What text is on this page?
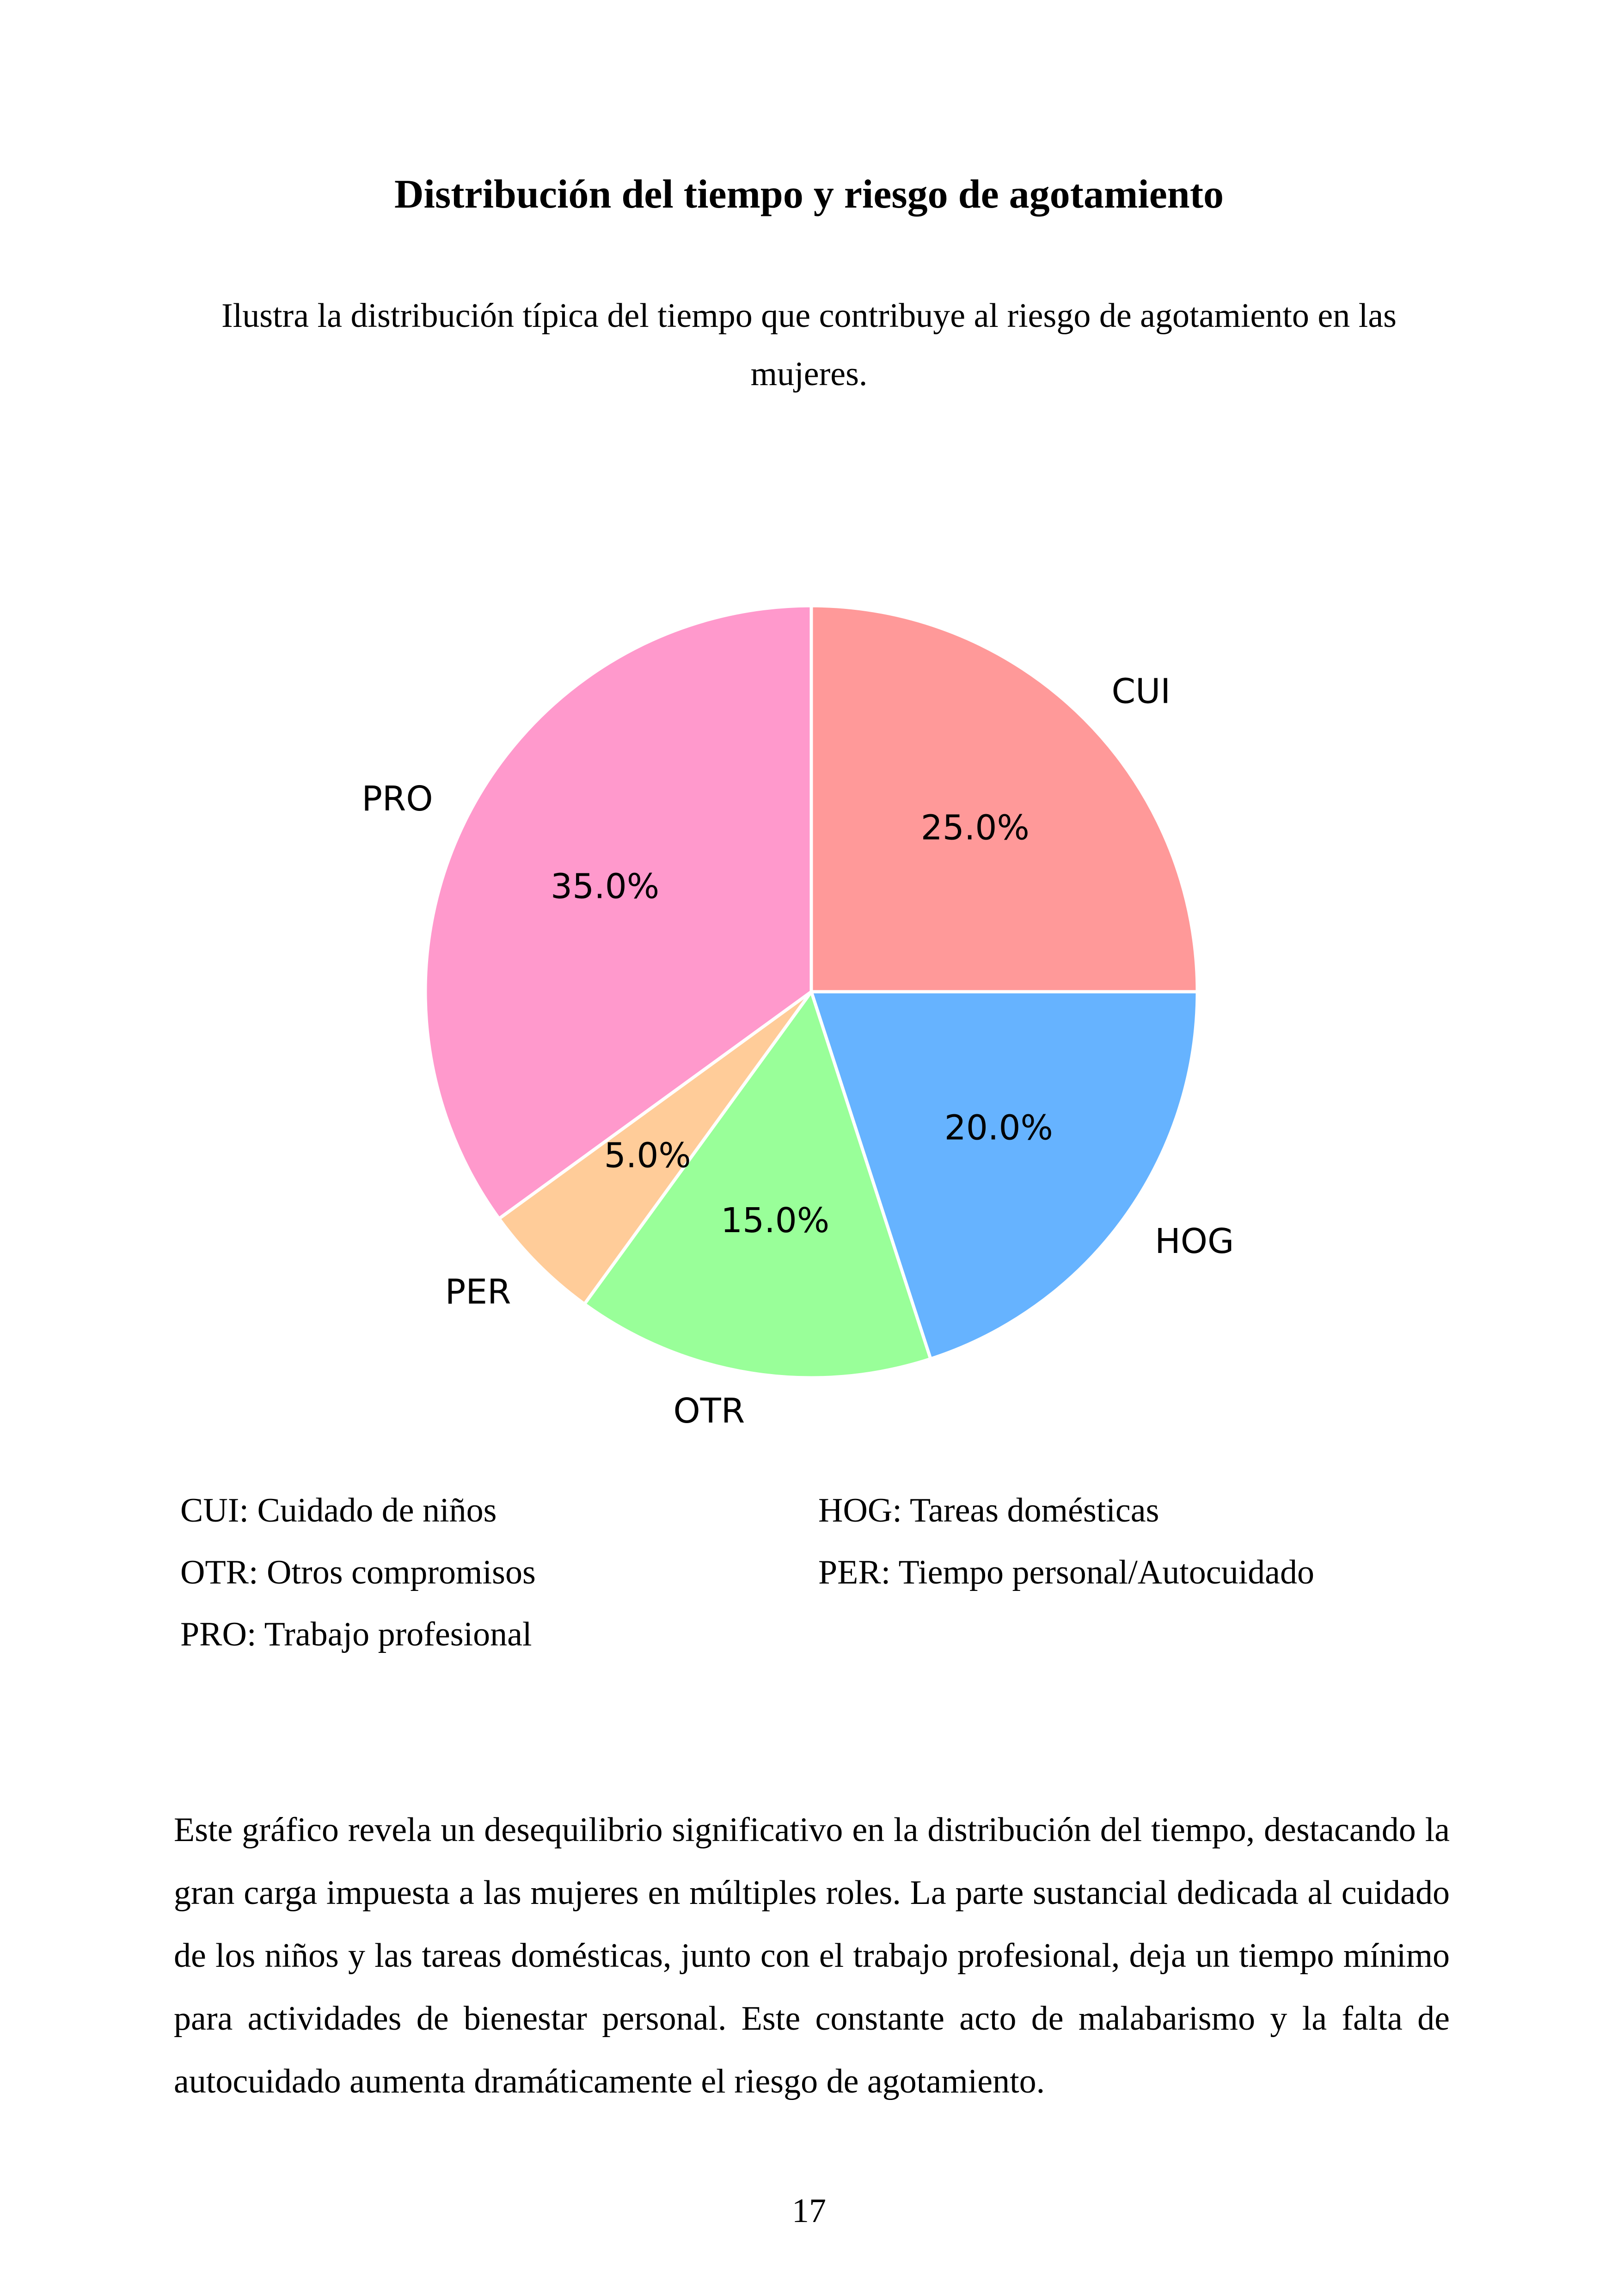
Distribución del tiempo y riesgo de agotamiento
Ilustra la distribución típica del tiempo que contribuye al riesgo de agotamiento en las mujeres.
25.0%
CUI
20.0%
HOG
15.0%
OTR
5.0%
PER
35.0%
PRO
CUI: Cuidado de niños	HOG: Tareas domésticas
OTR: Otros compromisos	PER: Tiempo personal/Autocuidado
PRO: Trabajo profesional
Este gráfico revela un desequilibrio significativo en la distribución del tiempo, destacando la gran carga impuesta a las mujeres en múltiples roles. La parte sustancial dedicada al cuidado de los niños y las tareas domésticas, junto con el trabajo profesional, deja un tiempo mínimo para actividades de bienestar personal. Este constante acto de malabarismo y la falta de autocuidado aumenta dramáticamente el riesgo de agotamiento.
17
